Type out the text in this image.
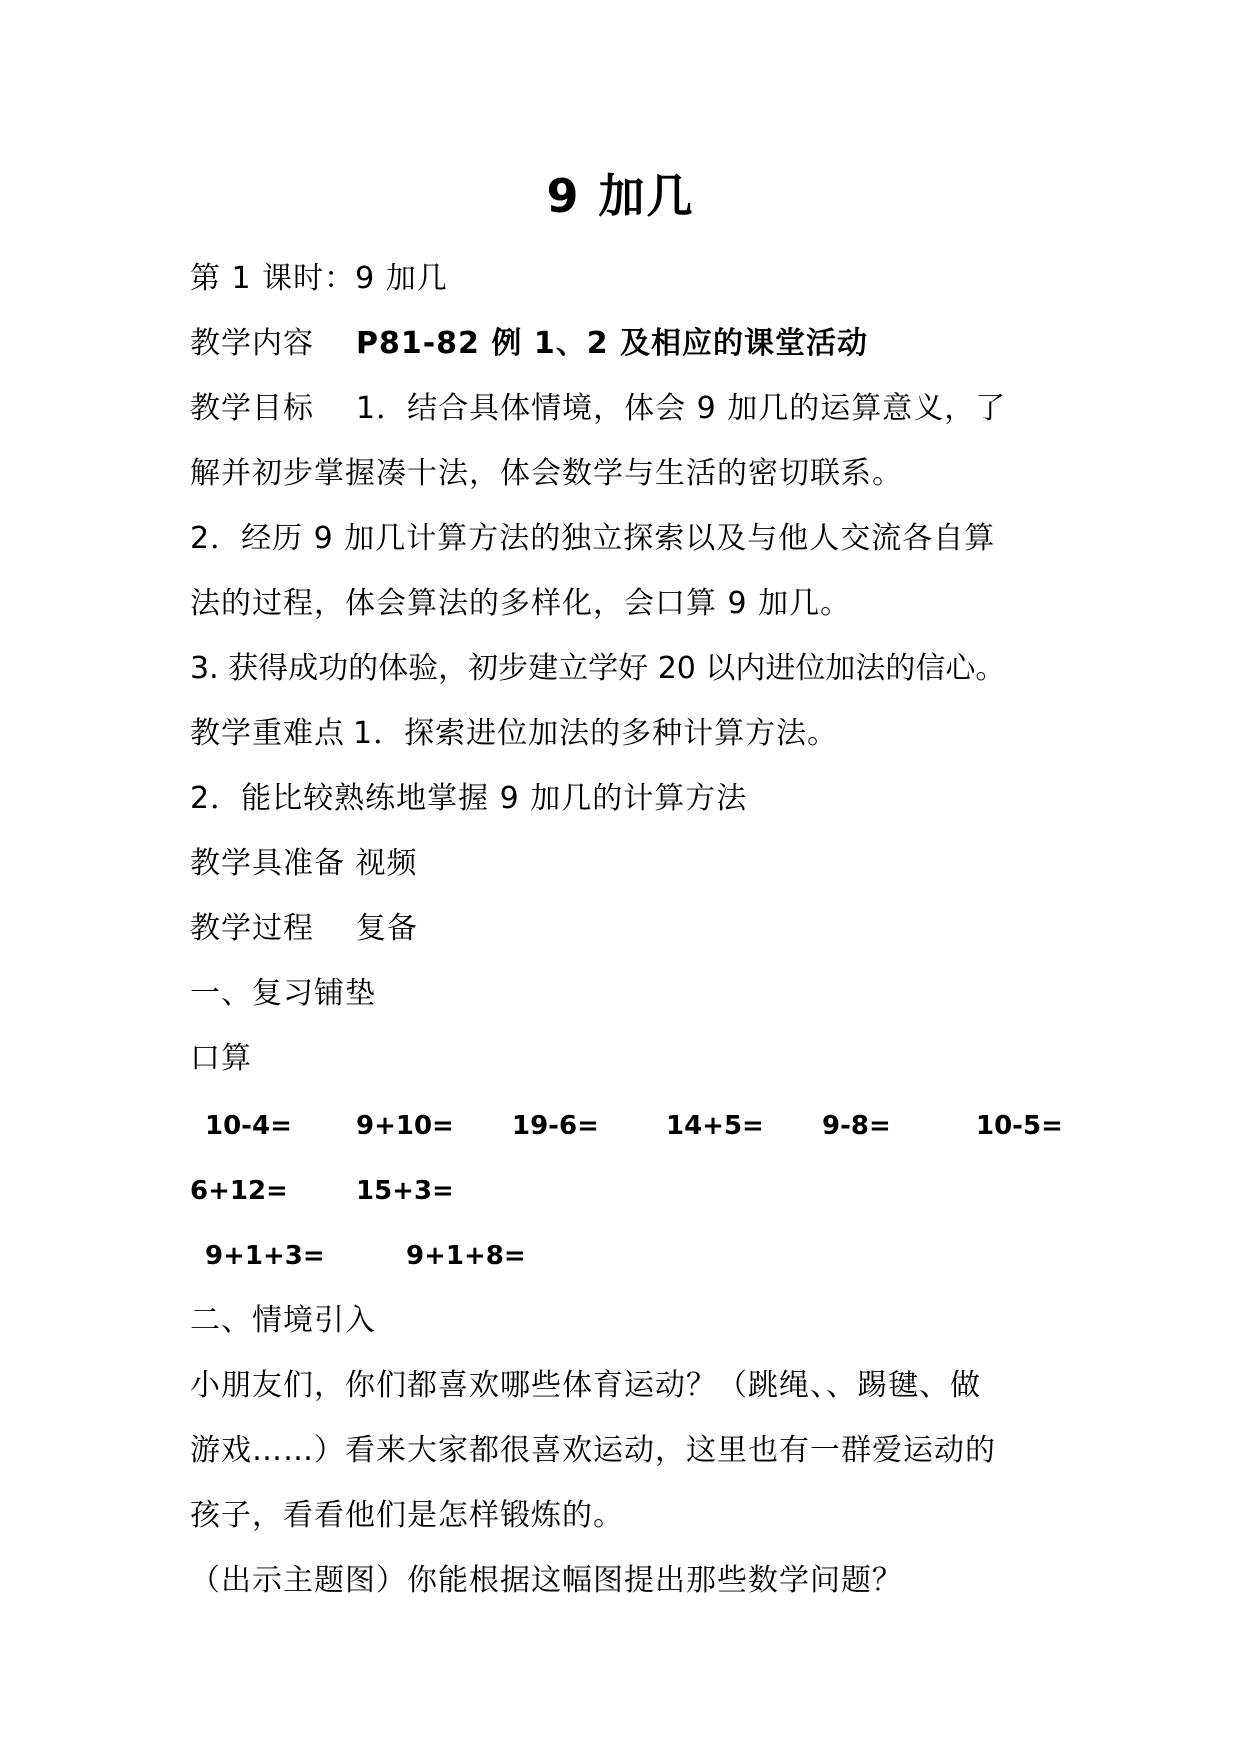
9 加几
第 1 课时：9 加几
教学内容 P81-82 例 1、2 及相应的课堂活动
教学目标 1．结合具体情境，体会 9 加几的运算意义，了
解并初步掌握凑十法，体会数学与生活的密切联系。
2．经历 9 加几计算方法的独立探索以及与他人交流各自算
法的过程，体会算法的多样化，会口算 9 加几。
3. 获得成功的体验，初步建立学好 20 以内进位加法的信心。
教学重难点 1．探索进位加法的多种计算方法。
2．能比较熟练地掌握 9 加几的计算方法
教学具准备 视频
教学过程 复备
一、复习铺垫
口算
10-4= 9+10= 19-6=	14+5= 9-8=	10-5=
6+12=	15+3=
9+1+3=	9+1+8=
二、情境引入
小朋友们，你们都喜欢哪些体育运动？（跳绳、、踢毽、做
游戏……）看来大家都很喜欢运动，这里也有一群爱运动的
孩子，看看他们是怎样锻炼的。
（出示主题图）你能根据这幅图提出那些数学问题？
